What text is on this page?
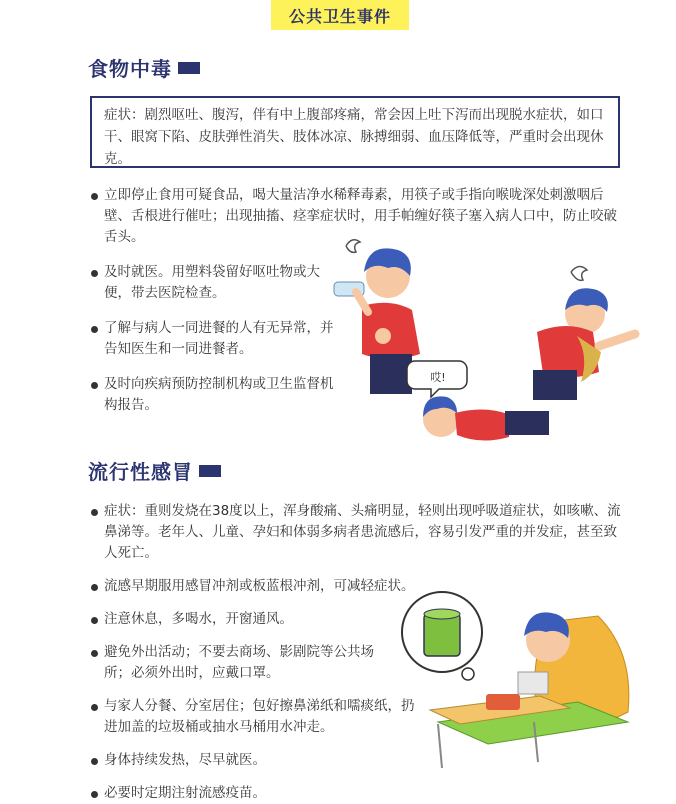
公共卫生事件
食物中毒
症状：剧烈呕吐、腹泻，伴有中上腹部疼痛，常会因上吐下泻而出现脱水症状，如口干、眼窝下陷、皮肤弹性消失、肢体冰凉、脉搏细弱、血压降低等，严重时会出现休克。
立即停止食用可疑食品，喝大量洁净水稀释毒素，用筷子或手指向喉咙深处刺激咽后壁、舌根进行催吐；出现抽搐、痉挛症状时，用手帕缠好筷子塞入病人口中，防止咬破舌头。
及时就医。用塑料袋留好呕吐物或大便，带去医院检查。
了解与病人一同进餐的人有无异常，并告知医生和一同进餐者。
及时向疾病预防控制机构或卫生监督机构报告。
哎!
流行性感冒
症状：重则发烧在38度以上，浑身酸痛、头痛明显，轻则出现呼吸道症状，如咳嗽、流鼻涕等。老年人、儿童、孕妇和体弱多病者患流感后，容易引发严重的并发症，甚至致人死亡。
流感早期服用感冒冲剂或板蓝根冲剂，可减轻症状。
注意休息，多喝水，开窗通风。
避免外出活动；不要去商场、影剧院等公共场所；必须外出时，应戴口罩。
与家人分餐、分室居住；包好擦鼻涕纸和嚅痰纸，扔进加盖的垃圾桶或抽水马桶用水冲走。
身体持续发热，尽早就医。
必要时定期注射流感疫苗。
